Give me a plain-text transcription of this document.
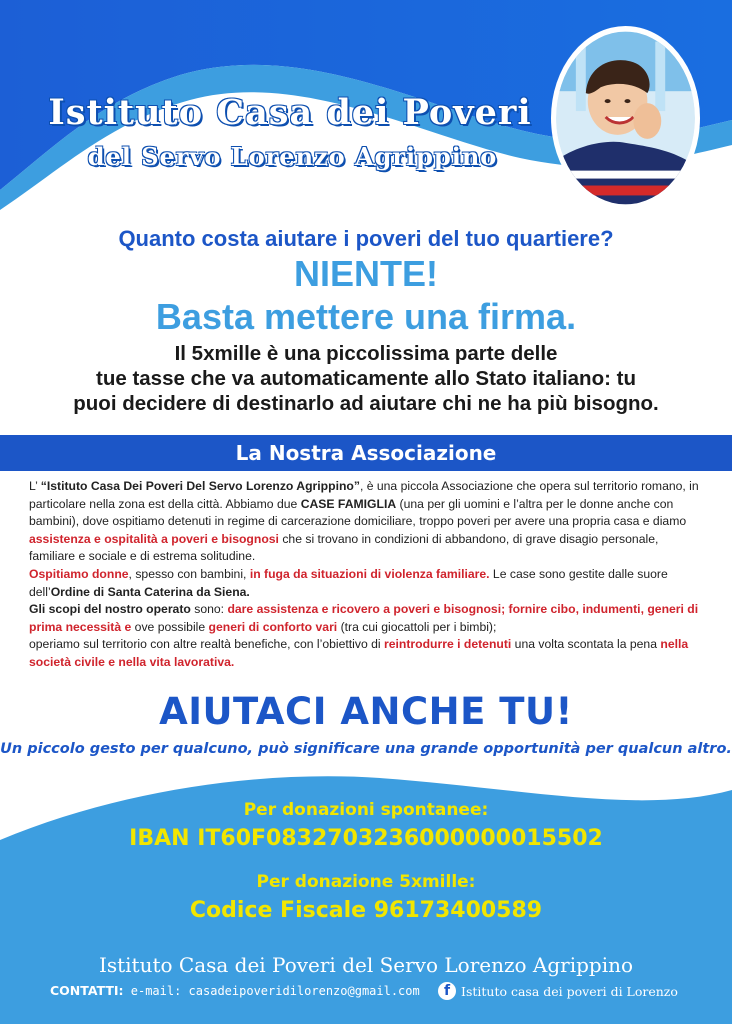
Istituto Casa dei Poveri
del Servo Lorenzo Agrippino
Quanto costa aiutare i poveri del tuo quartiere?
NIENTE!
Basta mettere una firma.
Il 5xmille è una piccolissima parte delle
tue tasse che va automaticamente allo Stato italiano: tu
puoi decidere di destinarlo ad aiutare chi ne ha più bisogno.
La Nostra Associazione
L’ “Istituto Casa Dei Poveri Del Servo Lorenzo Agrippino”, è una piccola Associazione che opera sul territorio romano, in particolare nella zona est della città. Abbiamo due CASE FAMIGLIA (una per gli uomini e l’altra per le donne anche con bambini), dove ospitiamo detenuti in regime di carcerazione domiciliare, troppo poveri per avere una propria casa e diamo assistenza e ospitalità a poveri e bisognosi che si trovano in condizioni di abbandono, di grave disagio personale, familiare e sociale e di estrema solitudine.
Ospitiamo donne, spesso con bambini, in fuga da situazioni di violenza familiare. Le case sono gestite dalle suore dell’Ordine di Santa Caterina da Siena.
Gli scopi del nostro operato sono: dare assistenza e ricovero a poveri e bisognosi; fornire cibo, indumenti, generi di prima necessità e ove possibile generi di conforto vari (tra cui giocattoli per i bimbi);
operiamo sul territorio con altre realtà benefiche, con l’obiettivo di reintrodurre i detenuti una volta scontata la pena nella società civile e nella vita lavorativa.
AIUTACI ANCHE TU!
Un piccolo gesto per qualcuno, può significare una grande opportunità per qualcun altro.
Per donazioni spontanee:
IBAN IT60F0832703236000000015502
Per donazione 5xmille:
Codice Fiscale 96173400589
Istituto Casa dei Poveri del Servo Lorenzo Agrippino
CONTATTI: e-mail: casadeipoveridilorenzo@gmail.com	f Istituto casa dei poveri di Lorenzo
